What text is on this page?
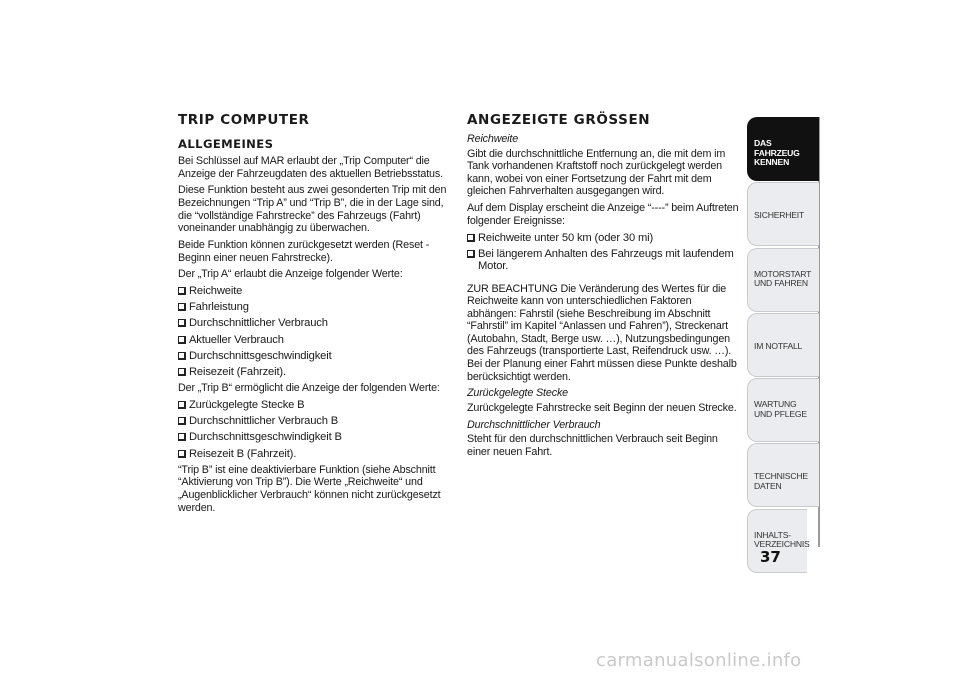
TRIP COMPUTER
ALLGEMEINES

Bei Schlüssel auf MAR erlaubt der „Trip Computer“ die Anzeige der Fahrzeugdaten des aktuellen Betriebsstatus.

Diese Funktion besteht aus zwei gesonderten Trip mit den Bezeichnungen “Trip A” und “Trip B”, die in der Lage sind, die “vollständige Fahrstrecke” des Fahrzeugs (Fahrt) voneinander unabhängig zu überwachen.

Beide Funktion können zurückgesetzt werden (Reset - Beginn einer neuen Fahrstrecke).

Der „Trip A“ erlaubt die Anzeige folgender Werte:

Reichweite
Fahrleistung
Durchschnittlicher Verbrauch
Aktueller Verbrauch
Durchschnittsgeschwindigkeit
Reisezeit (Fahrzeit).

Der „Trip B“ ermöglicht die Anzeige der folgenden Werte:

Zurückgelegte Stecke B
Durchschnittlicher Verbrauch B
Durchschnittsgeschwindigkeit B
Reisezeit B (Fahrzeit).

“Trip B” ist eine deaktivierbare Funktion (siehe Abschnitt “Aktivierung von Trip B”). Die Werte „Reichweite“ und „Augenblicklicher Verbrauch“ können nicht zurückgesetzt werden.

ANGEZEIGTE GRÖSSEN

Reichweite

Gibt die durchschnittliche Entfernung an, die mit dem im Tank vorhandenen Kraftstoff noch zurückgelegt werden kann, wobei von einer Fortsetzung der Fahrt mit dem gleichen Fahrverhalten ausgegangen wird.

Auf dem Display erscheint die Anzeige “----” beim Auftreten folgender Ereignisse:

Reichweite unter 50 km (oder 30 mi)
Bei längerem Anhalten des Fahrzeugs mit laufendem Motor.

ZUR BEACHTUNG Die Veränderung des Wertes für die Reichweite kann von unterschiedlichen Faktoren abhängen: Fahrstil (siehe Beschreibung im Abschnitt “Fahrstil” im Kapitel “Anlassen und Fahren”), Streckenart (Autobahn, Stadt, Berge usw. …), Nutzungsbedingungen des Fahrzeugs (transportierte Last, Reifendruck usw. …). Bei der Planung einer Fahrt müssen diese Punkte deshalb berücksichtigt werden.

Zurückgelegte Stecke

Zurückgelegte Fahrstrecke seit Beginn der neuen Strecke.

Durchschnittlicher Verbrauch

Steht für den durchschnittlichen Verbrauch seit Beginn einer neuen Fahrt.

DAS FAHRZEUG KENNEN
SICHERHEIT
MOTORSTART UND FAHREN
IM NOTFALL
WARTUNG UND PFLEGE
TECHNISCHE DATEN
INHALTS-VERZEICHNIS
37
carmanualsonline.info
